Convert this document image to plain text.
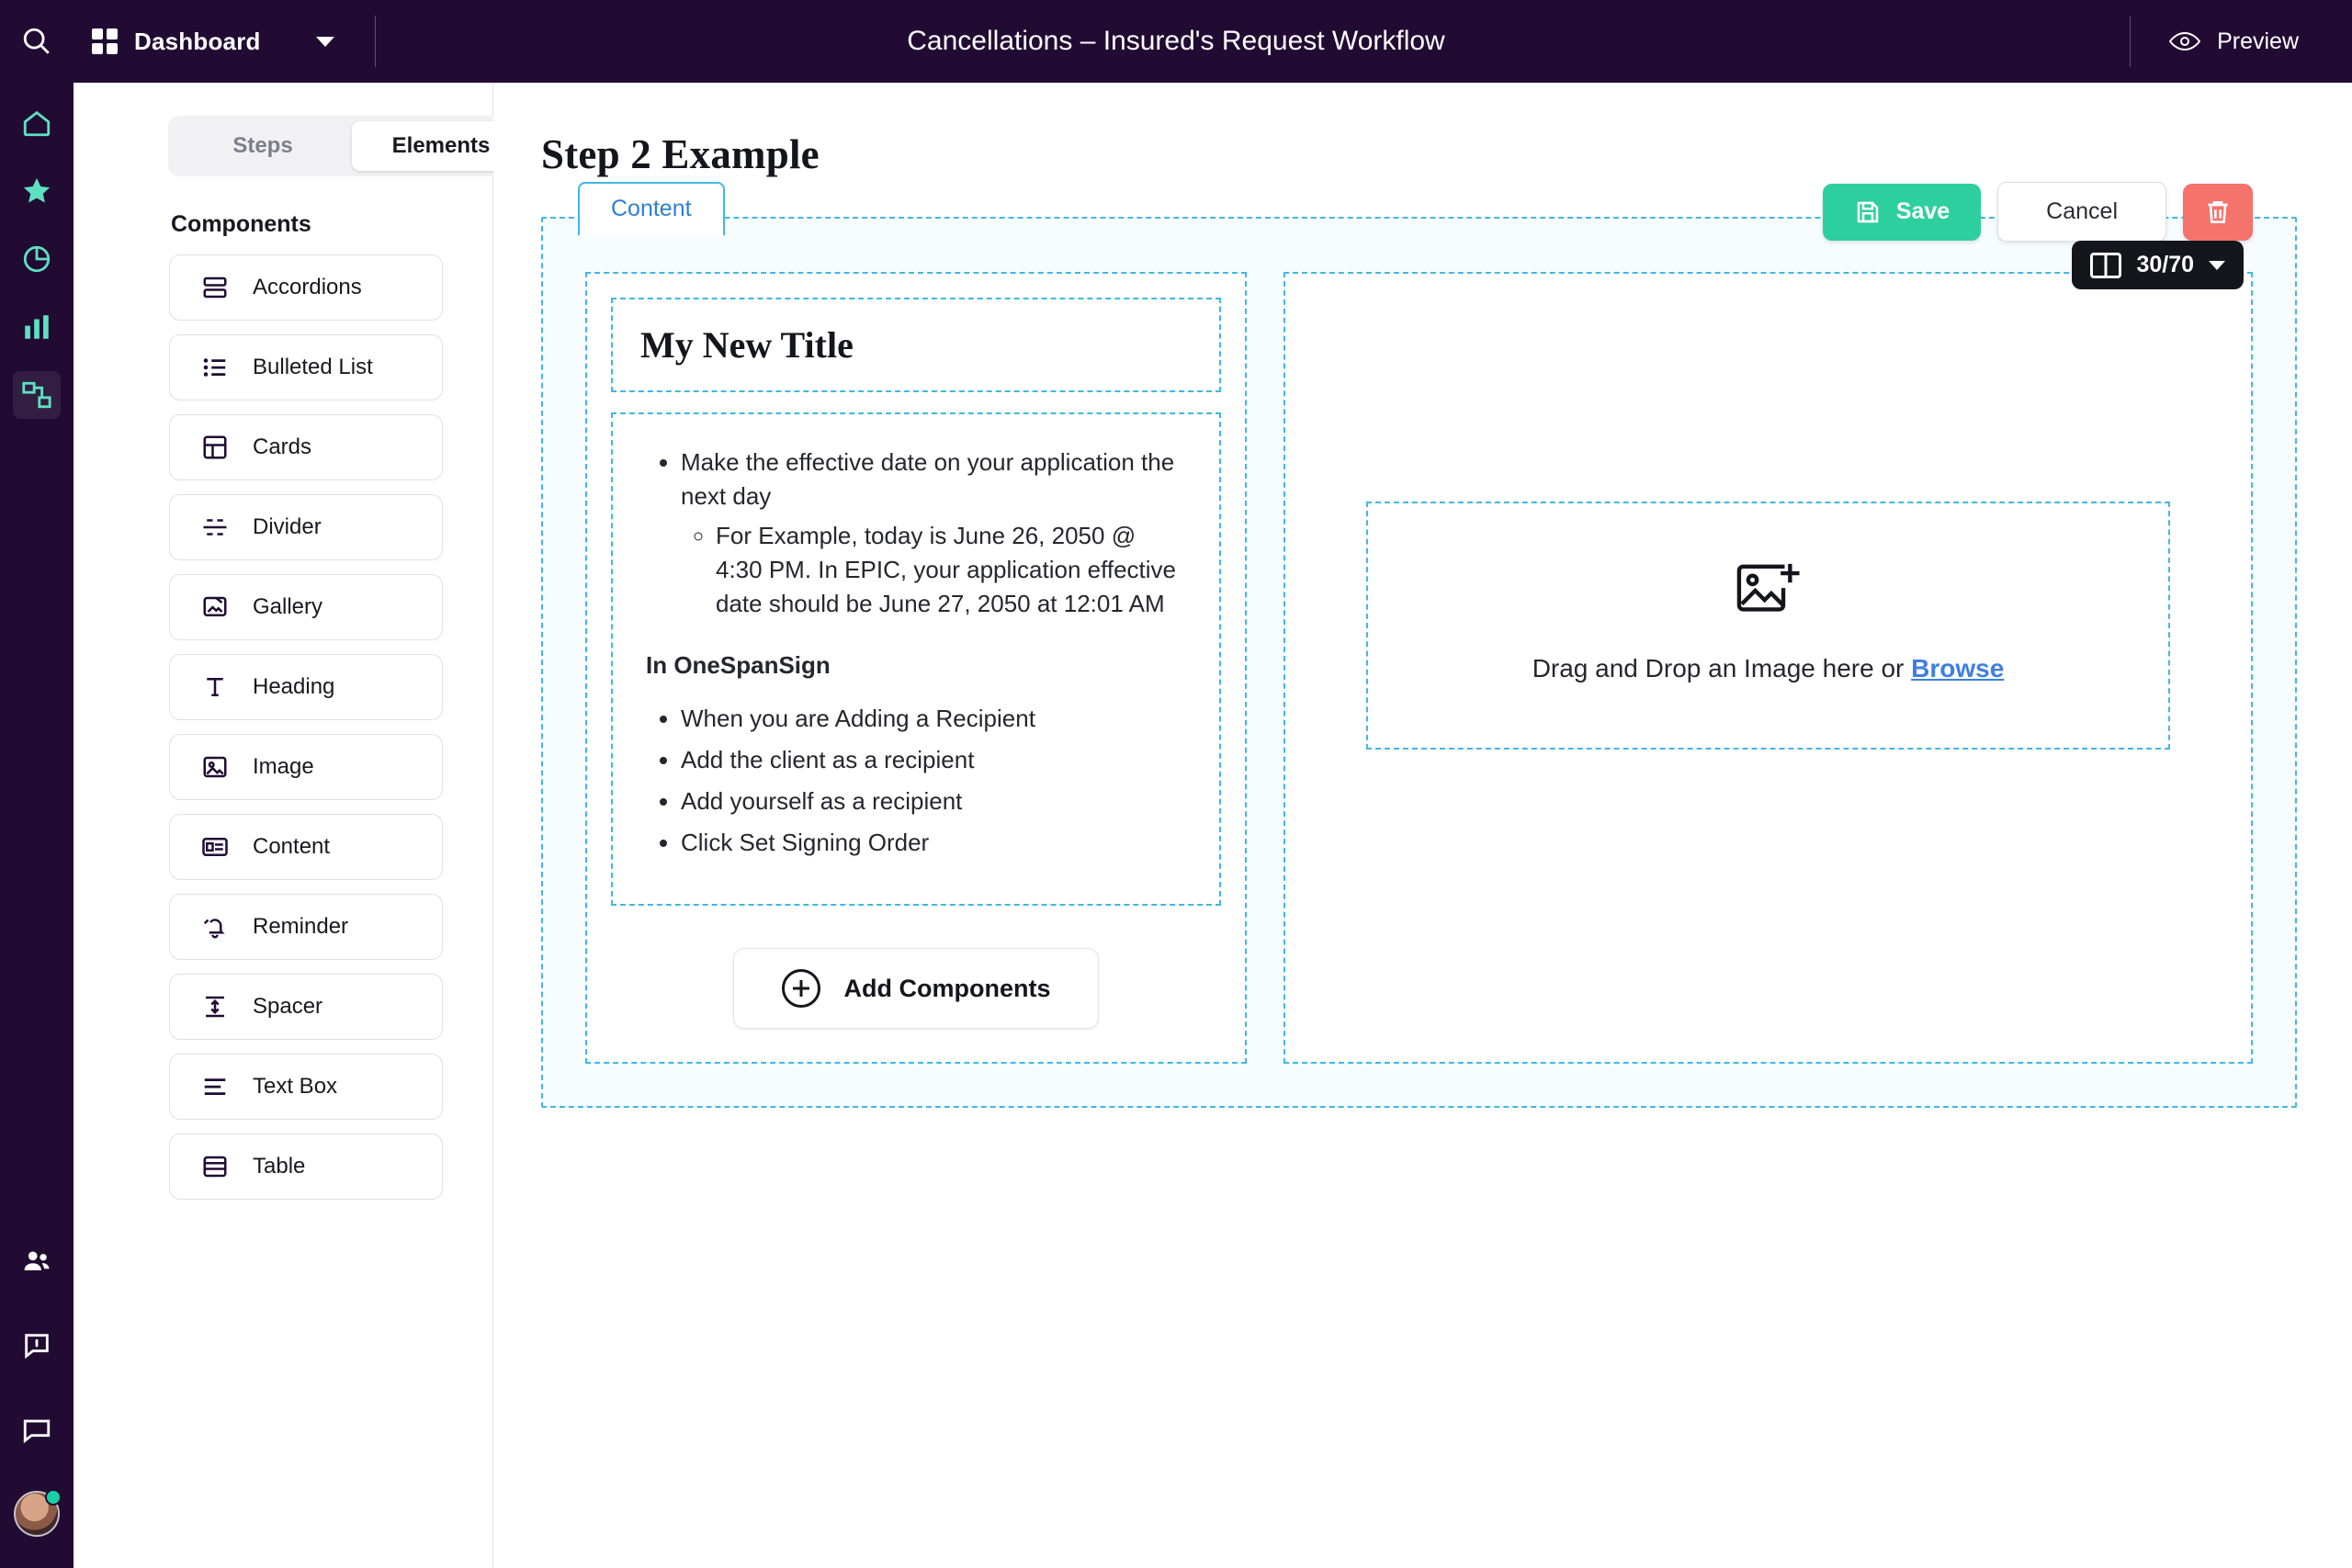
Dashboard	Cancellations – Insured's Request Workflow	Preview
Steps	Elements
Components
Accordions
Bulleted List
Cards
Divider
Gallery
Heading
Image
Content
Reminder
Spacer
Text Box
Table
Step 2 Example
Content	Save	Cancel
My New Title
• Make the effective date on your application the next day
◦ For Example, today is June 26, 2050 @ 4:30 PM. In EPIC, your application effective date should be June 27, 2050 at 12:01 AM
In OneSpanSign
• When you are Adding a Recipient
• Add the client as a recipient
• Add yourself as a recipient
• Click Set Signing Order
Add Components
30/70
Drag and Drop an Image here or Browse
